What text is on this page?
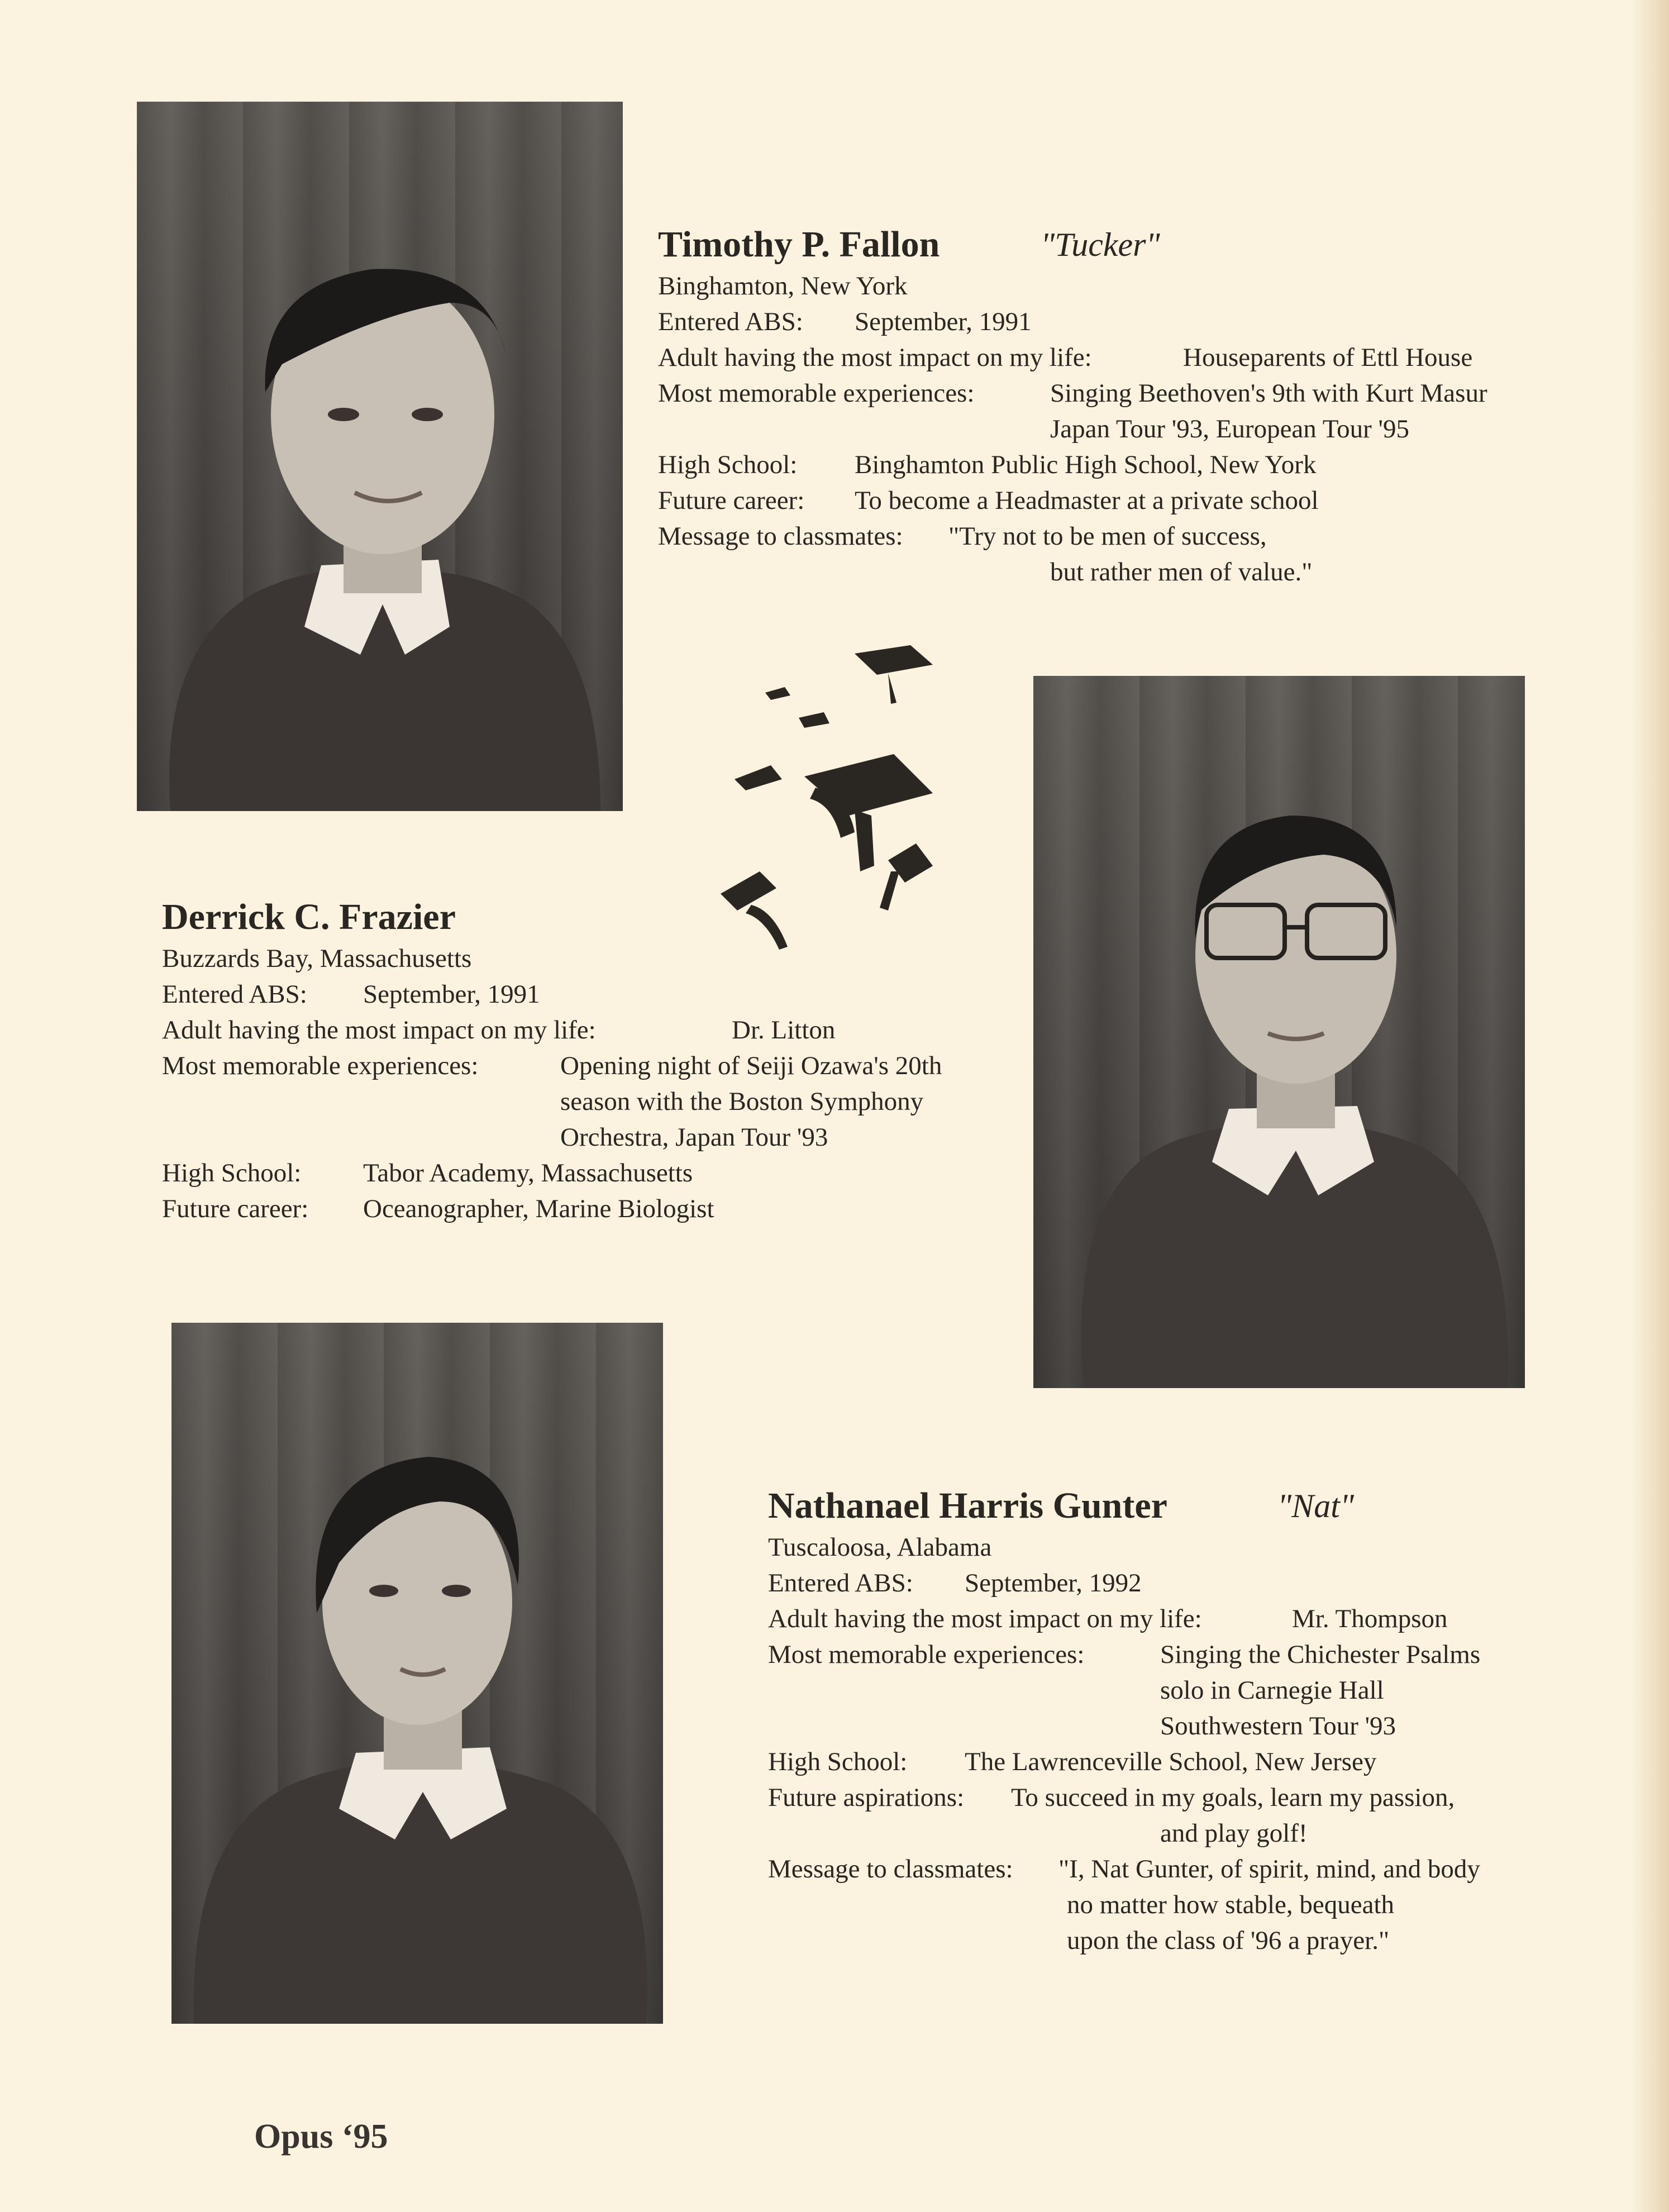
Timothy P. Fallon	"Tucker"
Binghamton, New York
Entered ABS: September, 1991
Adult having the most impact on my life:	Houseparents of Ettl House
Most memorable experiences:	Singing Beethoven's 9th with Kurt Masur
Japan Tour '93, European Tour '95
High School: Binghamton Public High School, New York
Future career: To become a Headmaster at a private school
Message to classmates: "Try not to be men of success,
but rather men of value."
Derrick C. Frazier
Buzzards Bay, Massachusetts
Entered ABS: September, 1991
Adult having the most impact on my life:	Dr. Litton
Most memorable experiences:	Opening night of Seiji Ozawa's 20th
season with the Boston Symphony
Orchestra, Japan Tour '93
High School: Tabor Academy, Massachusetts
Future career: Oceanographer, Marine Biologist
Nathanael Harris Gunter	"Nat"
Tuscaloosa, Alabama
Entered ABS: September, 1992
Adult having the most impact on my life:	Mr. Thompson
Most memorable experiences:	Singing the Chichester Psalms
solo in Carnegie Hall
Southwestern Tour '93
High School: The Lawrenceville School, New Jersey
Future aspirations: To succeed in my goals, learn my passion,
and play golf!
Message to classmates: "I, Nat Gunter, of spirit, mind, and body
no matter how stable, bequeath
upon the class of '96 a prayer."
Opus ‘95
